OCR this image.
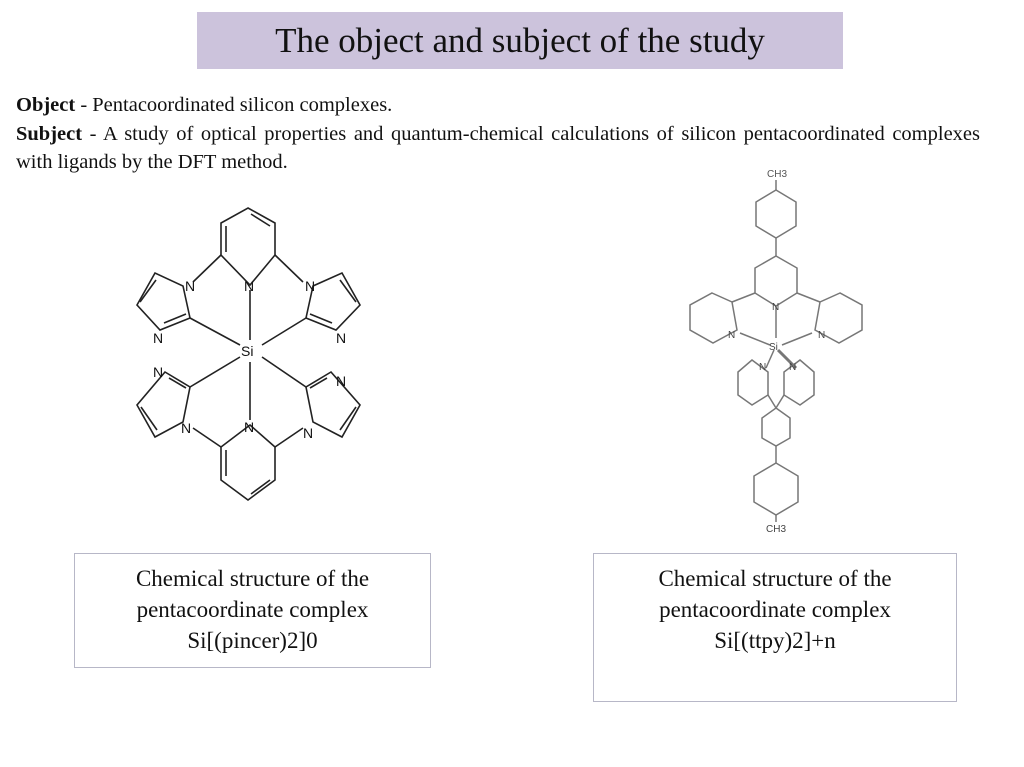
The object and subject of the study

Object - Pentacoordinated silicon complexes.

Subject - A study of optical properties and quantum-chemical calculations of silicon pentacoordinated complexes with ligands by the DFT method.

N
N	N
N	N
Si
N
N
N	N	N
CH3
N
N	N
Si
N N
CH3
Chemical structure of the
pentacoordinate complex
Si[(pincer)2]0
Chemical structure of the
pentacoordinate complex
Si[(ttpy)2]+n
